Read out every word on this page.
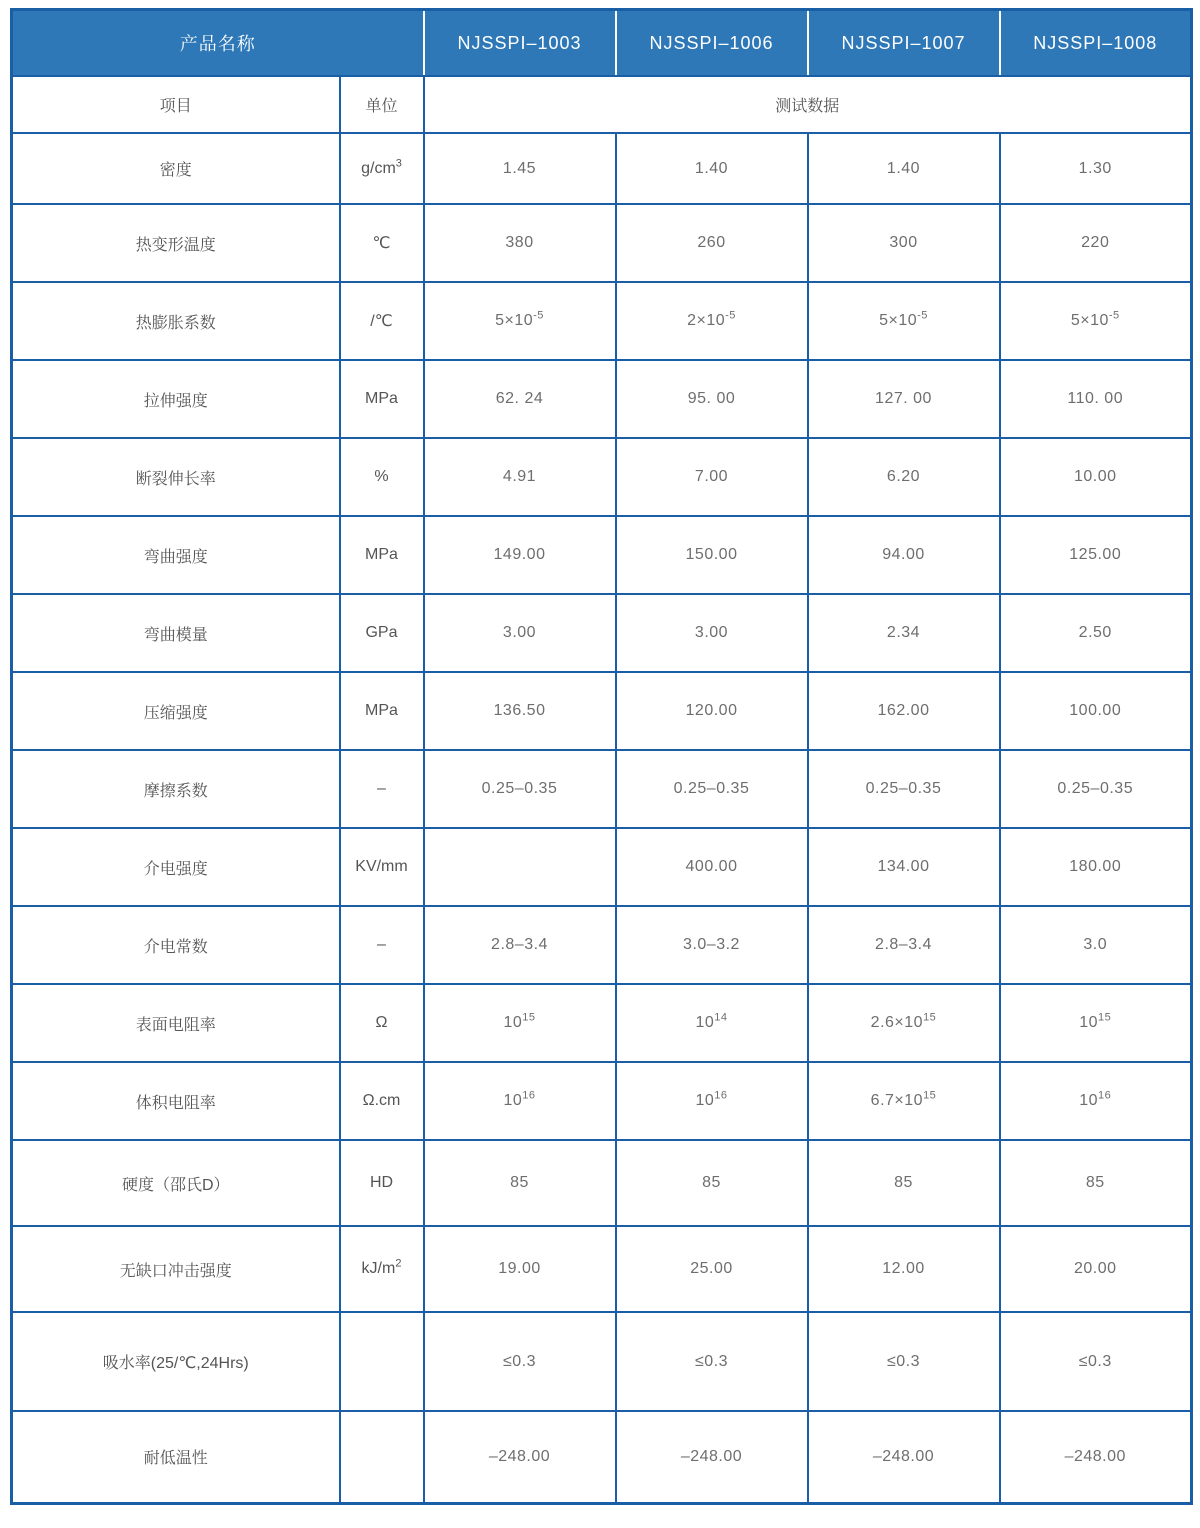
产品名称		NJSSPI–1003	NJSSPI–1006	NJSSPI–1007	NJSSPI–1008
项目	单位	测试数据			
密度	$g/cm^3$	1.45	1.40	1.40	1.30
热变形温度	℃	380	260	300	220
热膨胀系数	/℃	$5\times 10^{-5}$	$2\times 10^{-5}$	$5\times 10^{-5}$	$5\times 10^{-5}$
拉伸强度	MPa	62. 24	95. 00	127. 00	110. 00
断裂伸长率	%	4.91	7.00	6.20	10.00
弯曲强度	MPa	149.00	150.00	94.00	125.00
弯曲模量	GPa	3.00	3.00	2.34	2.50
压缩强度	MPa	136.50	120.00	162.00	100.00
摩擦系数	–	0.25–0.35	0.25–0.35	0.25–0.35	0.25–0.35
介电强度	KV/mm		400.00	134.00	180.00
介电常数	–	2.8–3.4	3.0–3.2	2.8–3.4	3.0
表面电阻率	Ω	$10^{15}$	$10^{14}$	$2.6\times 10^{15}$	$10^{15}$
体积电阻率	Ω.cm	$10^{16}$	$10^{16}$	$6.7\times 10^{15}$	$10^{16}$
硬度（邵氏D）	HD	85	85	85	85
无缺口冲击强度	$kJ/m^2$	19.00	25.00	12.00	20.00
吸水率(25/℃,24Hrs)		≤0.3	≤0.3	≤0.3	≤0.3
耐低温性		–248.00	–248.00	–248.00	–248.00
